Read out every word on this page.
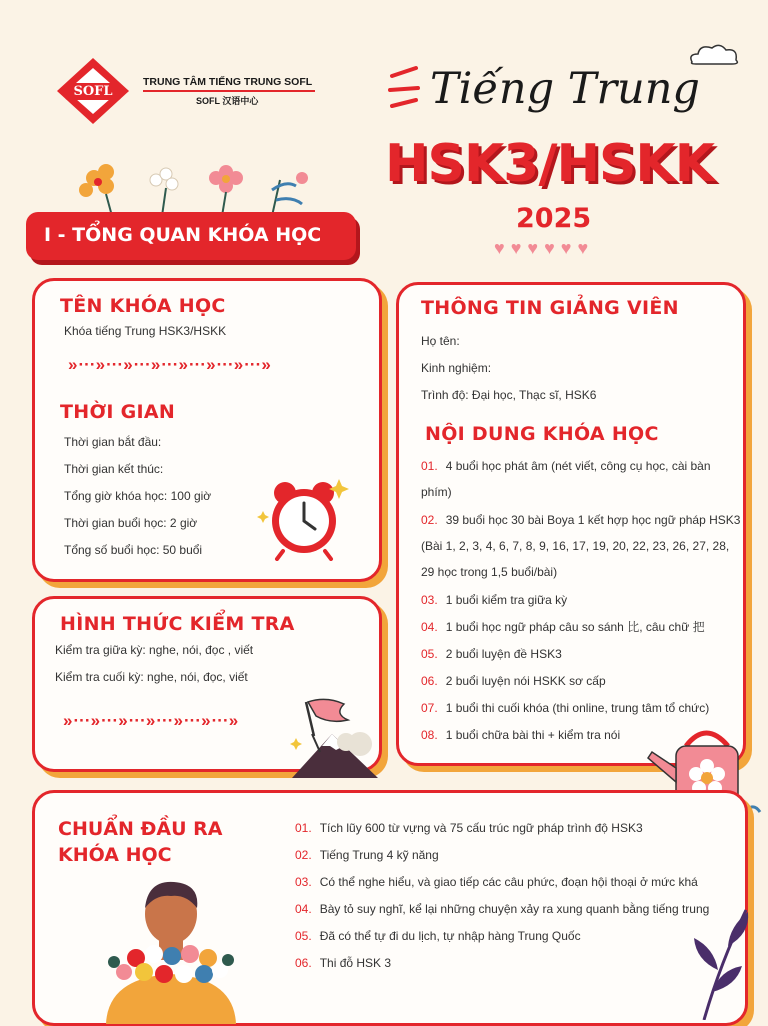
SOFL
TRUNG TÂM TIẾNG TRUNG SOFL
SOFL 汉语中心	Tiếng Trung
HSK3/HSKK
2025
♥♥♥♥♥♥
I - TỔNG QUAN KHÓA HỌC
TÊN KHÓA HỌC
Khóa tiếng Trung HSK3/HSKK
»∙∙∙»∙∙∙»∙∙∙»∙∙∙»∙∙∙»∙∙∙»∙∙∙»
THỜI GIAN
Thời gian bắt đầu:
Thời gian kết thúc:
Tổng giờ khóa học: 100 giờ
Thời gian buổi học: 2 giờ
Tổng số buổi học: 50 buổi
HÌNH THỨC KIỂM TRA
Kiểm tra giữa kỳ: nghe, nói, đọc , viết
Kiểm tra cuối kỳ: nghe, nói, đọc, viết
»∙∙∙»∙∙∙»∙∙∙»∙∙∙»∙∙∙»∙∙∙»
THÔNG TIN GIẢNG VIÊN
Họ tên:
Kinh nghiệm:
Trình độ: Đại học, Thạc sĩ, HSK6
NỘI DUNG KHÓA HỌC
01. 4 buổi học phát âm (nét viết, công cụ học, cài bàn phím)
02. 39 buổi học 30 bài Boya 1 kết hợp học ngữ pháp HSK3 (Bài 1, 2, 3, 4, 6, 7, 8, 9, 16, 17, 19, 20, 22, 23, 26, 27, 28, 29 học trong 1,5 buổi/bài)
03. 1 buổi kiểm tra giữa kỳ
04. 1 buổi học ngữ pháp câu so sánh 比, câu chữ 把
05. 2 buổi luyện đề HSK3
06. 2 buổi luyện nói HSKK sơ cấp
07. 1 buổi thi cuối khóa (thi online, trung tâm tổ chức)
08. 1 buổi chữa bài thi + kiểm tra nói
CHUẨN ĐẦU RA
KHÓA HỌC
01. Tích lũy 600 từ vựng và 75 cấu trúc ngữ pháp trình độ HSK3
02. Tiếng Trung 4 kỹ năng
03. Có thể nghe hiểu, và giao tiếp các câu phức, đoạn hội thoại ở mức khá
04. Bày tỏ suy nghĩ, kể lại những chuyện xảy ra xung quanh bằng tiếng trung
05. Đã có thể tự đi du lịch, tự nhập hàng Trung Quốc
06. Thi đỗ HSK 3
